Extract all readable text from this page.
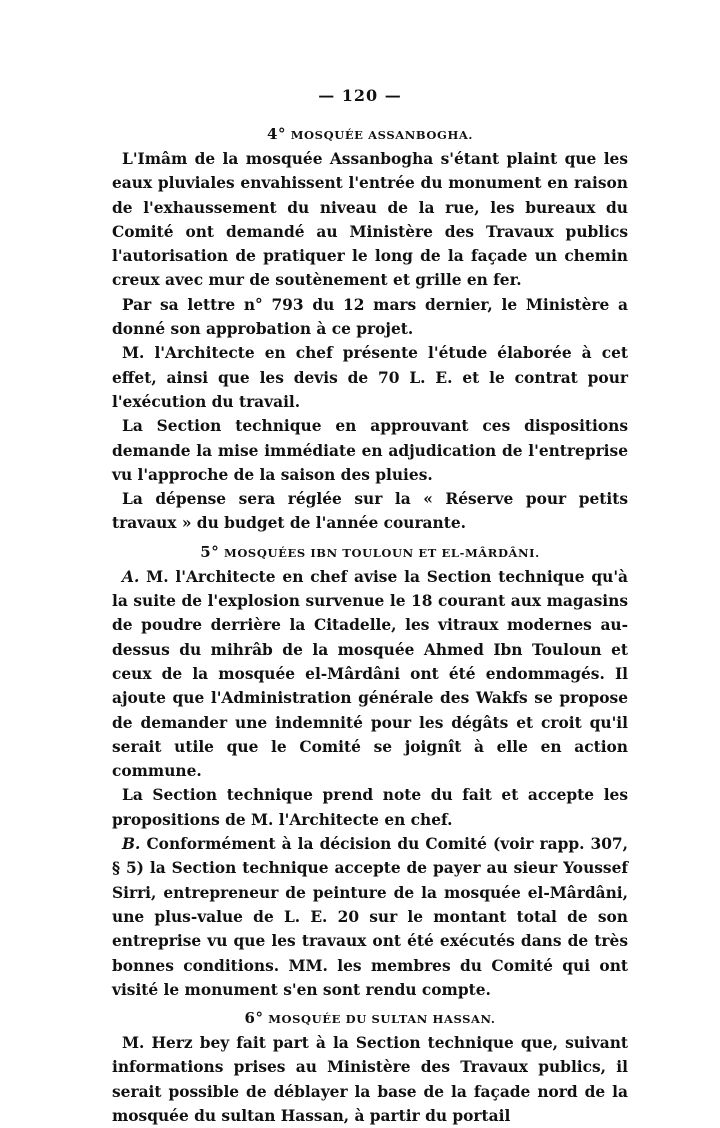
— 120 —
4° MOSQUÉE ASSANBOGHA.

L'Imâm de la mosquée Assanbogha s'étant plaint que les eaux pluviales envahissent l'entrée du monument en raison de l'exhaussement du niveau de la rue, les bureaux du Comité ont demandé au Ministère des Travaux publics l'autorisation de pratiquer le long de la façade un chemin creux avec mur de soutènement et grille en fer.

Par sa lettre n° 793 du 12 mars dernier, le Ministère a donné son approbation à ce projet.

M. l'Architecte en chef présente l'étude élaborée à cet effet, ainsi que les devis de 70 L. E. et le contrat pour l'exécution du travail.

La Section technique en approuvant ces dispositions demande la mise immédiate en adjudication de l'entreprise vu l'approche de la saison des pluies.

La dépense sera réglée sur la « Réserve pour petits travaux » du budget de l'année courante.

5° MOSQUÉES IBN TOULOUN ET EL-MÂRDÂNI.

A. M. l'Architecte en chef avise la Section technique qu'à la suite de l'explosion survenue le 18 courant aux magasins de poudre derrière la Citadelle, les vitraux modernes au-dessus du mihrâb de la mosquée Ahmed Ibn Touloun et ceux de la mosquée el-Mârdâni ont été endommagés. Il ajoute que l'Administration générale des Wakfs se propose de demander une indemnité pour les dégâts et croit qu'il serait utile que le Comité se joignît à elle en action commune.

La Section technique prend note du fait et accepte les propositions de M. l'Architecte en chef.

B. Conformément à la décision du Comité (voir rapp. 307, § 5) la Section technique accepte de payer au sieur Youssef Sirri, entrepreneur de peinture de la mosquée el-Mârdâni, une plus-value de L. E. 20 sur le montant total de son entreprise vu que les travaux ont été exécutés dans de très bonnes conditions. MM. les membres du Comité qui ont visité le monument s'en sont rendu compte.

6° MOSQUÉE DU SULTAN HASSAN.

M. Herz bey fait part à la Section technique que, suivant informations prises au Ministère des Travaux publics, il serait possible de déblayer la base de la façade nord de la mosquée du sultan Hassan, à partir du portail
